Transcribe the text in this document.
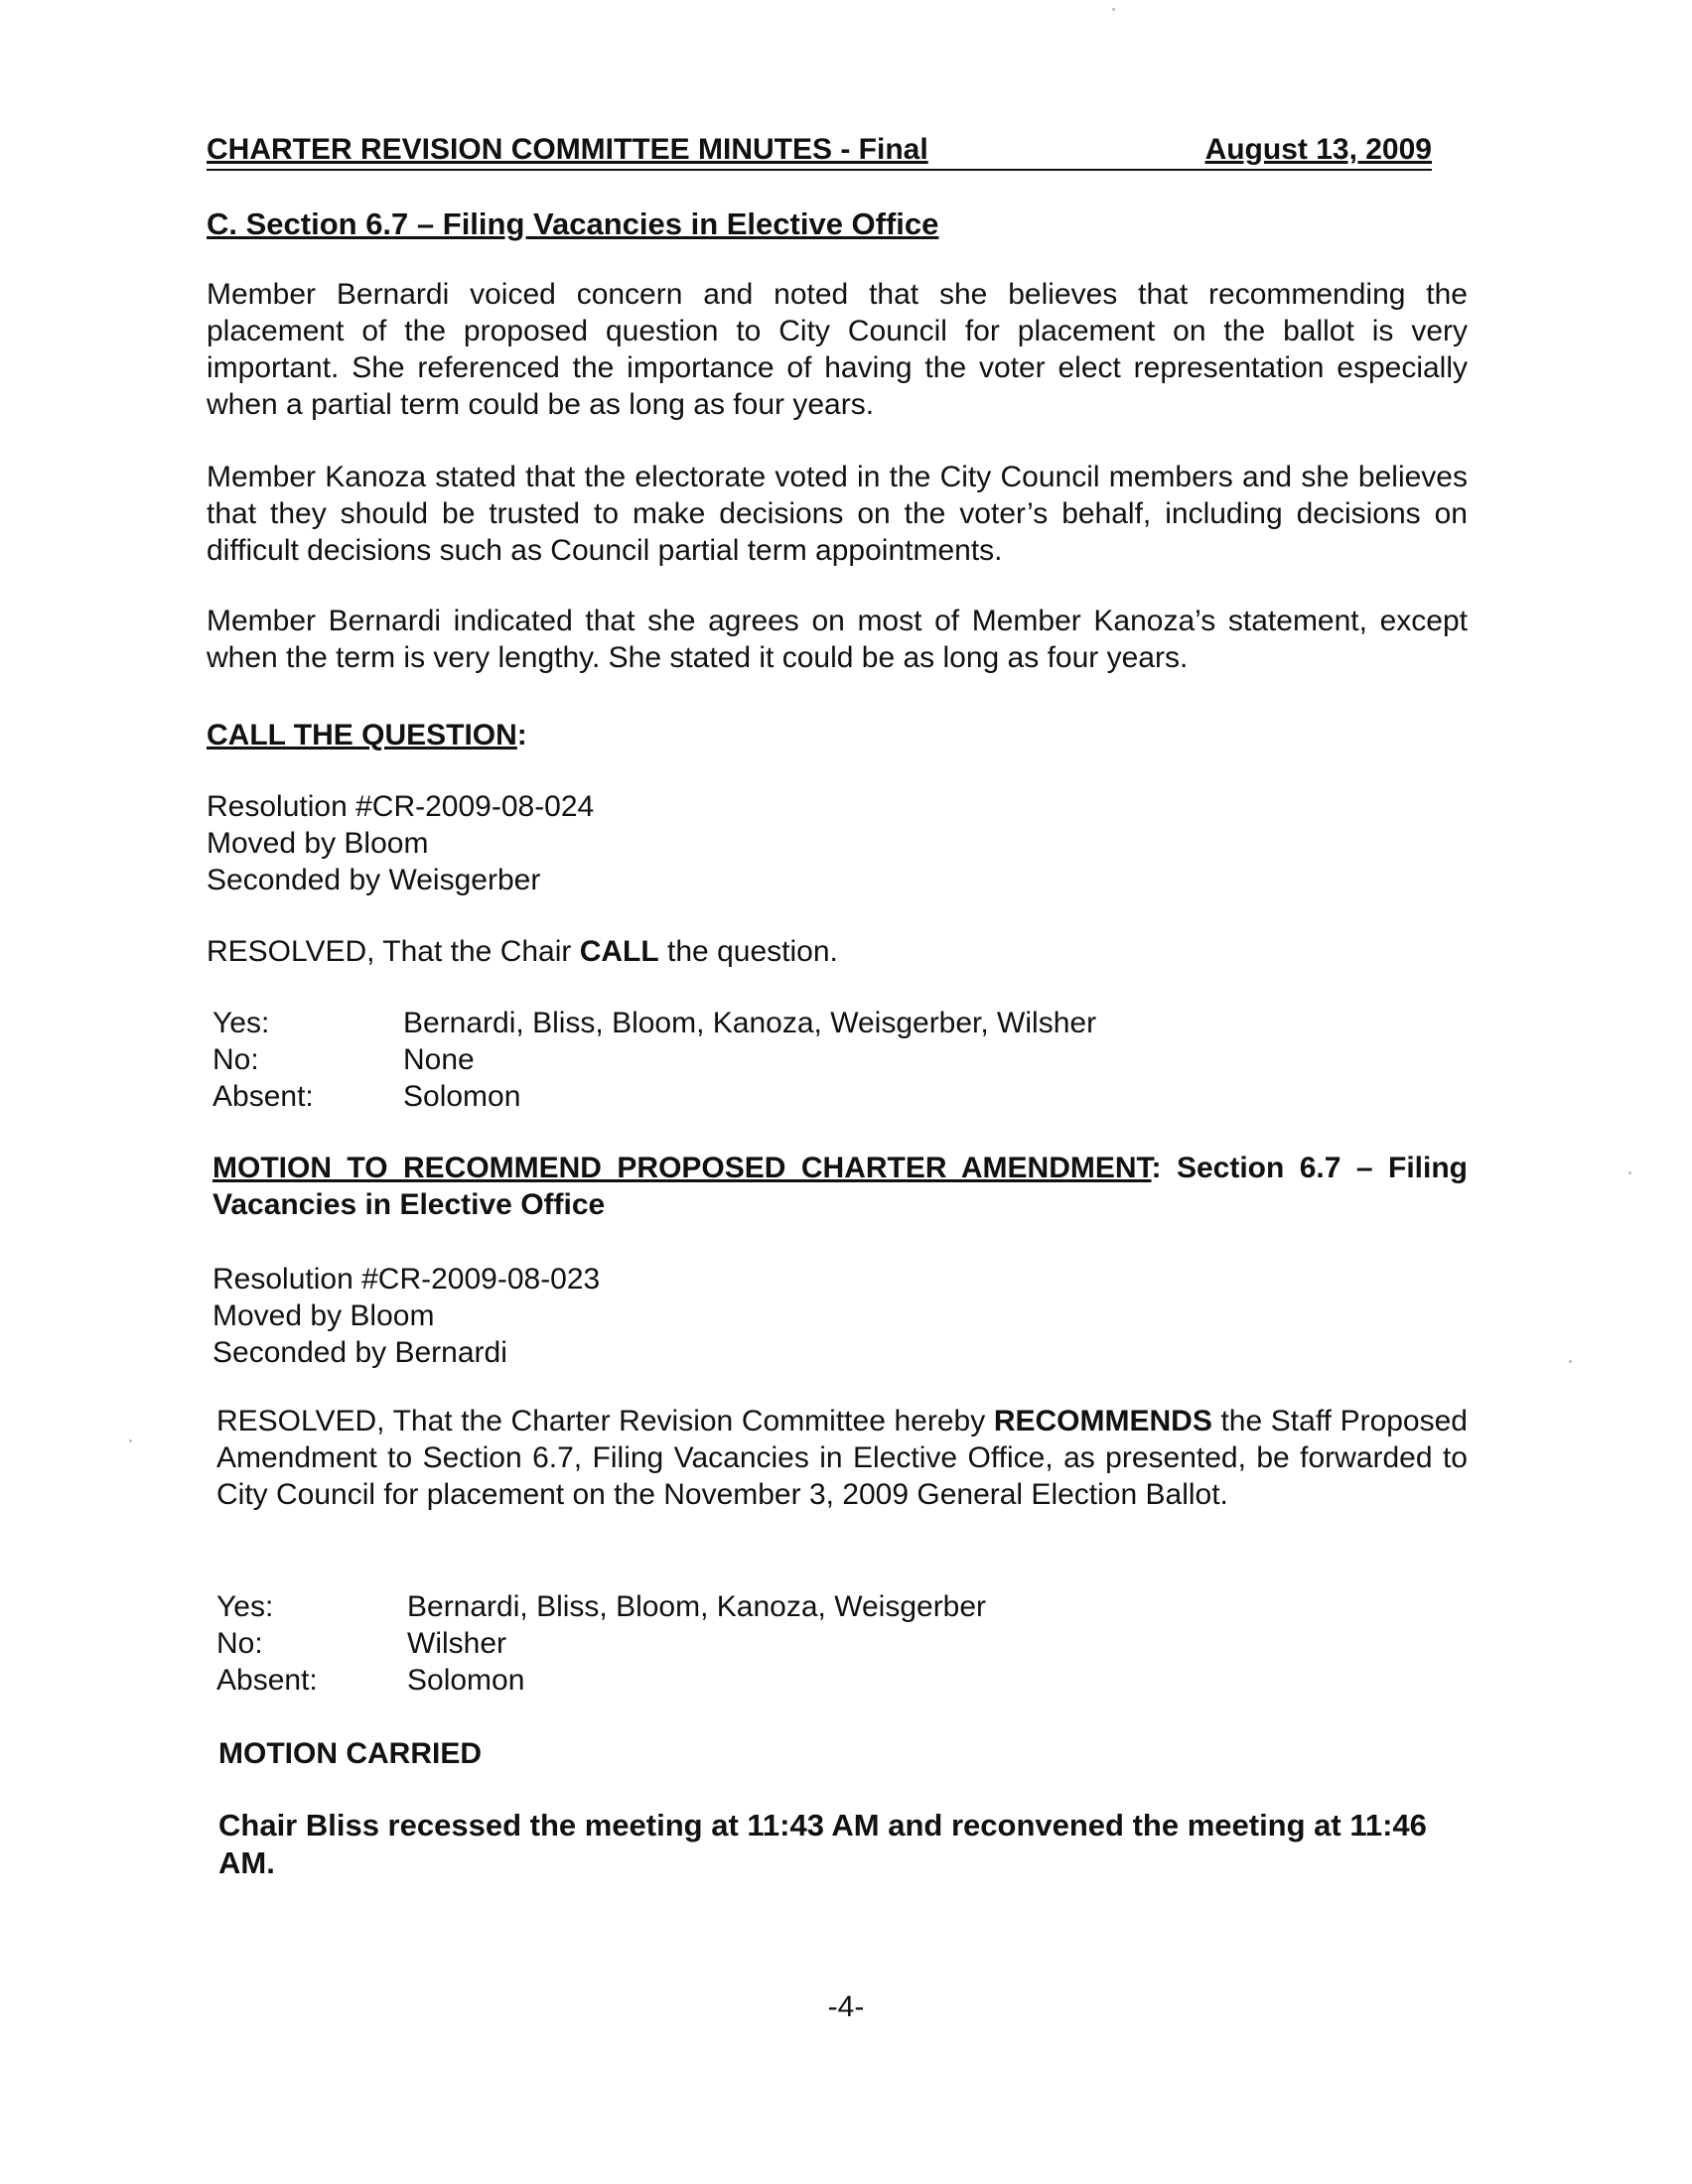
CHARTER REVISION COMMITTEE MINUTES - Final	August 13, 2009
C. Section 6.7 – Filing Vacancies in Elective Office
Member Bernardi voiced concern and noted that she believes that recommending the placement of the proposed question to City Council for placement on the ballot is very important. She referenced the importance of having the voter elect representation especially when a partial term could be as long as four years.
Member Kanoza stated that the electorate voted in the City Council members and she believes that they should be trusted to make decisions on the voter’s behalf, including decisions on difficult decisions such as Council partial term appointments.
Member Bernardi indicated that she agrees on most of Member Kanoza’s statement, except when the term is very lengthy. She stated it could be as long as four years.
CALL THE QUESTION:
Resolution #CR-2009-08-024
Moved by Bloom
Seconded by Weisgerber
RESOLVED, That the Chair CALL the question.
Yes:	Bernardi, Bliss, Bloom, Kanoza, Weisgerber, Wilsher
No:	None
Absent:	Solomon
MOTION TO RECOMMEND PROPOSED CHARTER AMENDMENT: Section 6.7 – Filing Vacancies in Elective Office
Resolution #CR-2009-08-023
Moved by Bloom
Seconded by Bernardi
RESOLVED, That the Charter Revision Committee hereby RECOMMENDS the Staff Proposed Amendment to Section 6.7, Filing Vacancies in Elective Office, as presented, be forwarded to City Council for placement on the November 3, 2009 General Election Ballot.
Yes:	Bernardi, Bliss, Bloom, Kanoza, Weisgerber
No:	Wilsher
Absent:	Solomon
MOTION CARRIED
Chair Bliss recessed the meeting at 11:43 AM and reconvened the meeting at 11:46 AM.
-4-
